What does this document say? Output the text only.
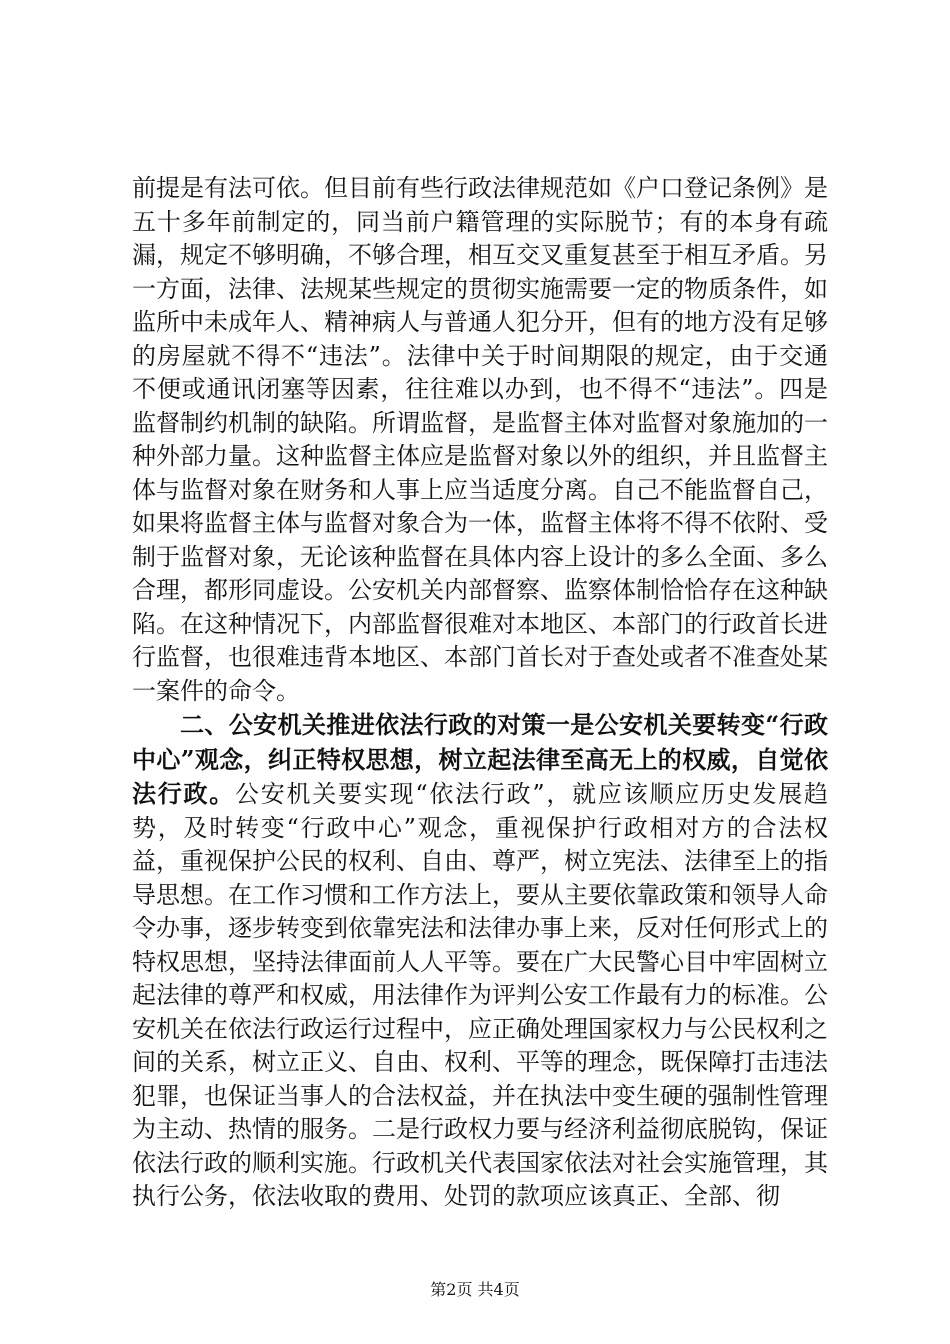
前提是有法可依。但目前有些行政法律规范如《户口登记条例》是五十多年前制定的，同当前户籍管理的实际脱节；有的本身有疏漏，规定不够明确，不够合理，相互交叉重复甚至于相互矛盾。另一方面，法律、法规某些规定的贯彻实施需要一定的物质条件，如监所中未成年人、精神病人与普通人犯分开，但有的地方没有足够的房屋就不得不“违法”。法律中关于时间期限的规定，由于交通不便或通讯闭塞等因素，往往难以办到，也不得不“违法”。四是监督制约机制的缺陷。所谓监督，是监督主体对监督对象施加的一种外部力量。这种监督主体应是监督对象以外的组织，并且监督主体与监督对象在财务和人事上应当适度分离。自己不能监督自己，如果将监督主体与监督对象合为一体，监督主体将不得不依附、受制于监督对象，无论该种监督在具体内容上设计的多么全面、多么合理，都形同虚设。公安机关内部督察、监察体制恰恰存在这种缺陷。在这种情况下，内部监督很难对本地区、本部门的行政首长进行监督，也很难违背本地区、本部门首长对于查处或者不准查处某一案件的命令。

二、公安机关推进依法行政的对策一是公安机关要转变“行政中心”观念，纠正特权思想，树立起法律至高无上的权威，自觉依法行政。公安机关要实现“依法行政”，就应该顺应历史发展趋势，及时转变“行政中心”观念，重视保护行政相对方的合法权益，重视保护公民的权利、自由、尊严，树立宪法、法律至上的指导思想。在工作习惯和工作方法上，要从主要依靠政策和领导人命令办事，逐步转变到依靠宪法和法律办事上来，反对任何形式上的特权思想，坚持法律面前人人平等。要在广大民警心目中牢固树立起法律的尊严和权威，用法律作为评判公安工作最有力的标准。公安机关在依法行政运行过程中，应正确处理国家权力与公民权利之间的关系，树立正义、自由、权利、平等的理念，既保障打击违法犯罪，也保证当事人的合法权益，并在执法中变生硬的强制性管理为主动、热情的服务。二是行政权力要与经济利益彻底脱钩，保证依法行政的顺利实施。行政机关代表国家依法对社会实施管理，其执行公务，依法收取的费用、处罚的款项应该真正、全部、彻

第2页 共4页
